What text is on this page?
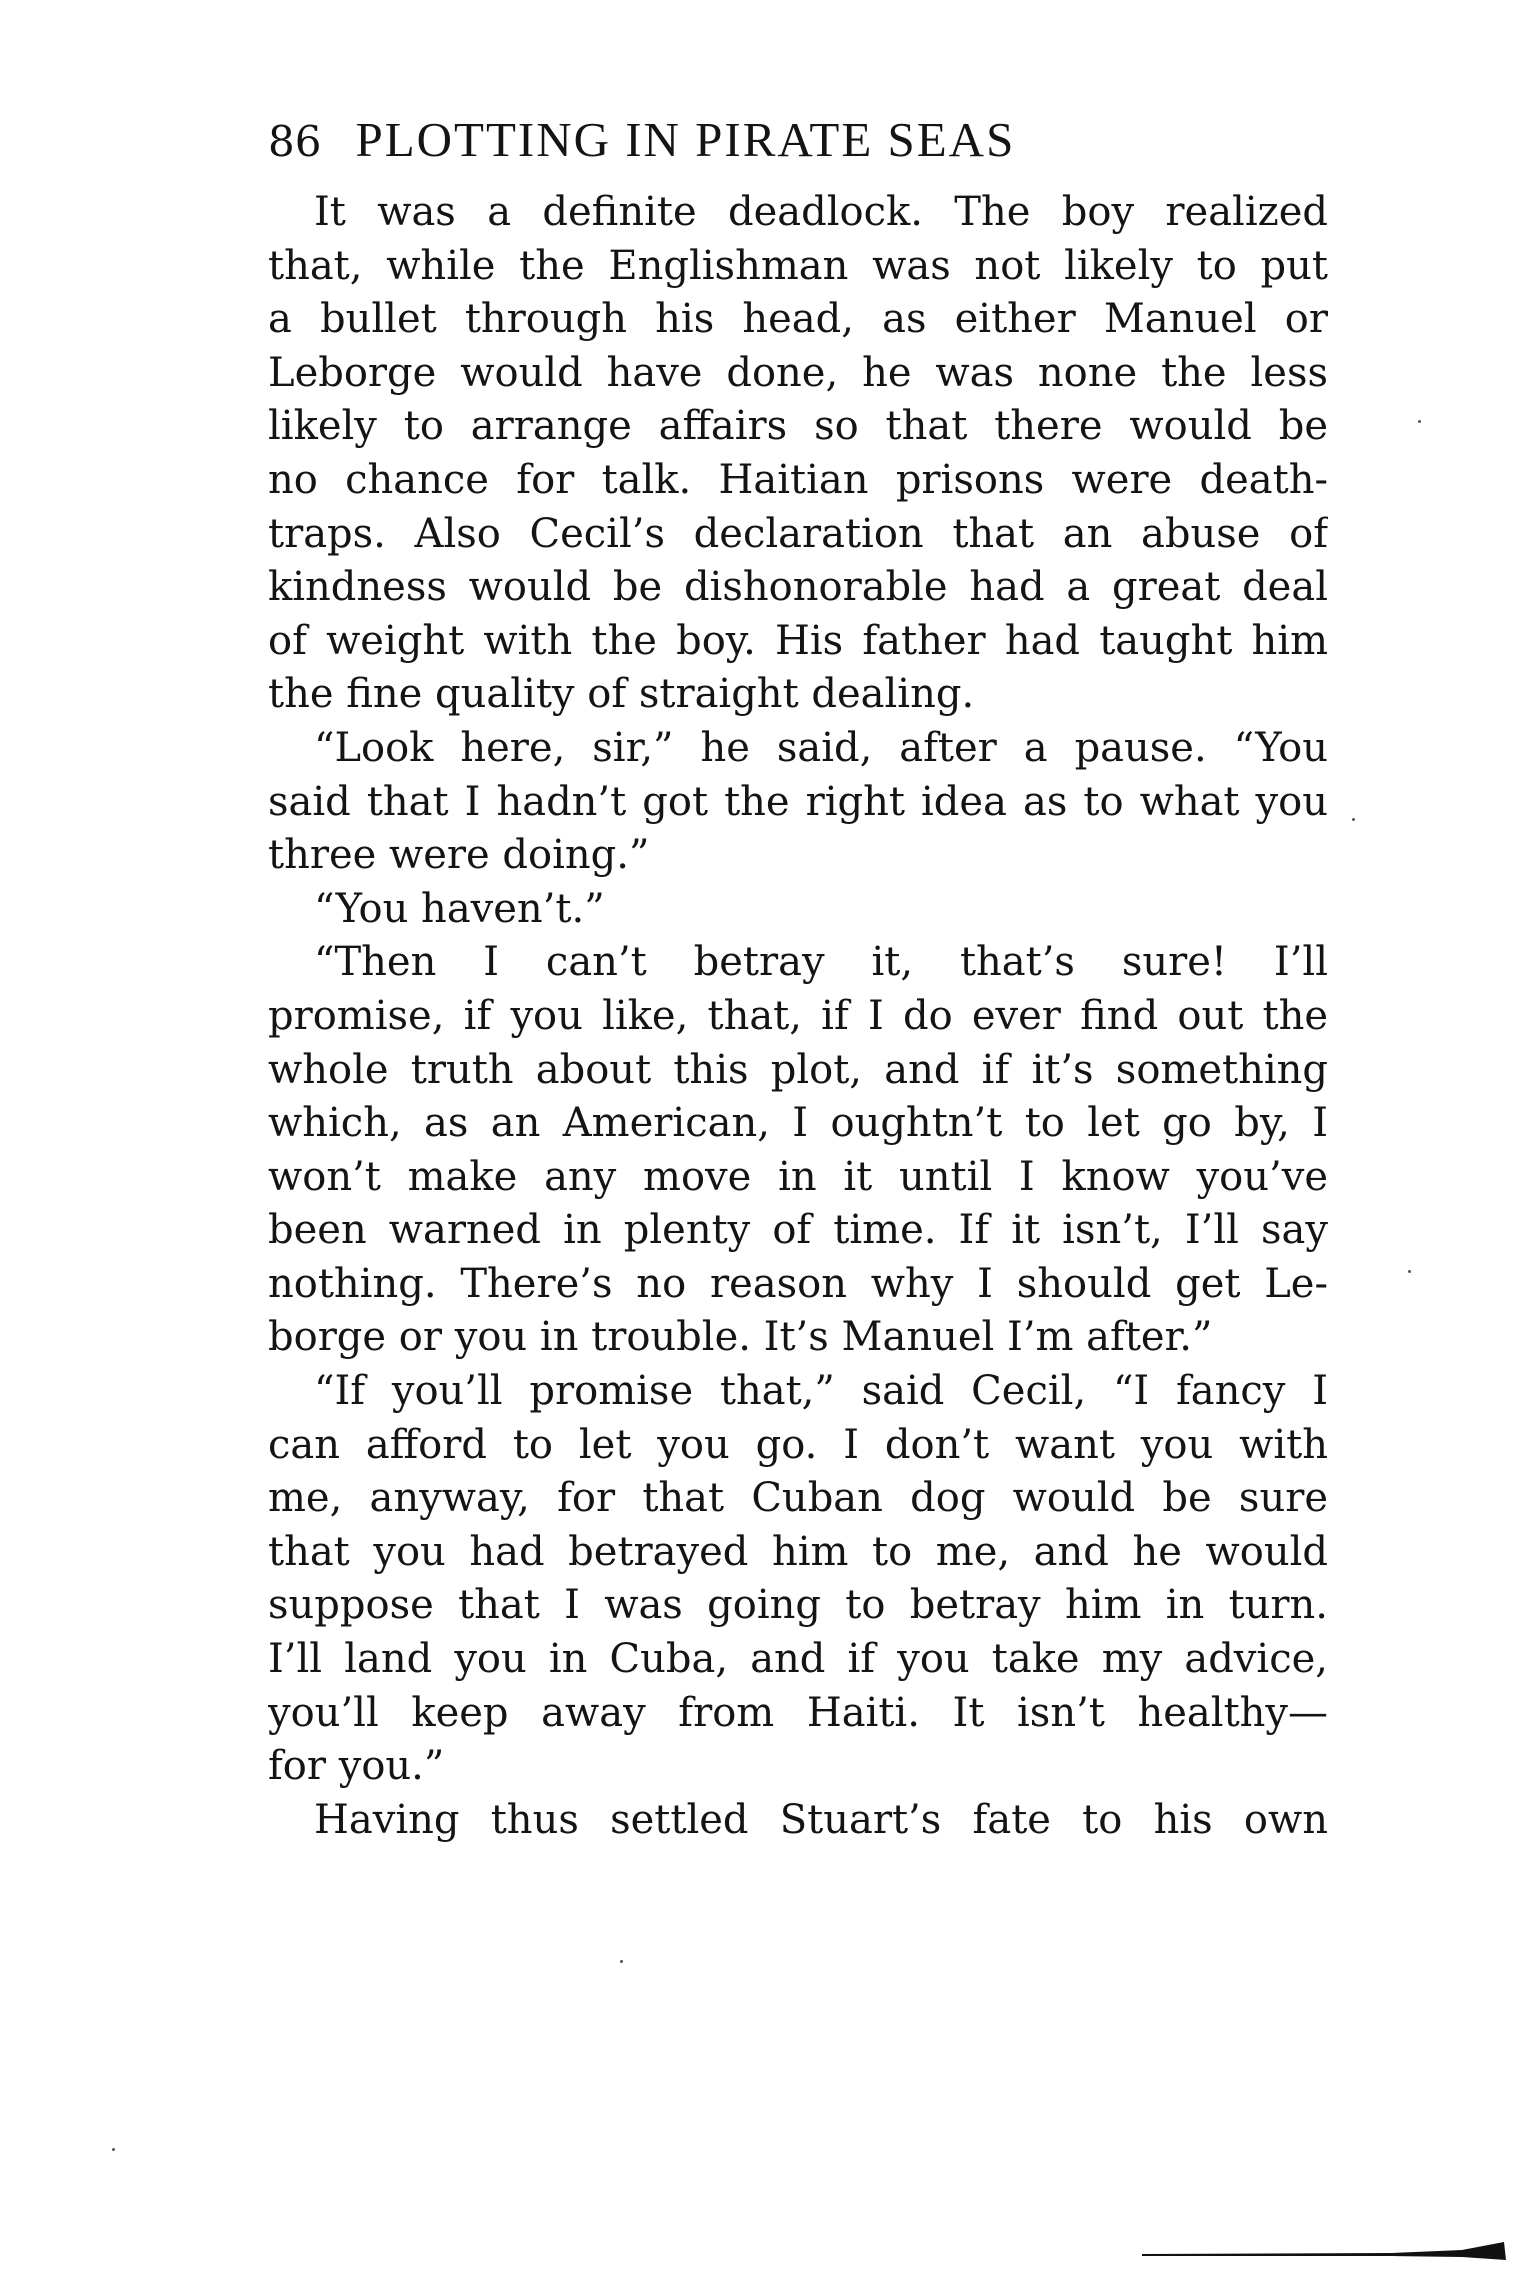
86 PLOTTING IN PIRATE SEAS
It was a definite deadlock. The boy realized
that, while the Englishman was not likely to put
a bullet through his head, as either Manuel or
Leborge would have done, he was none the less
likely to arrange affairs so that there would be
no chance for talk. Haitian prisons were death-
traps. Also Cecil’s declaration that an abuse of
kindness would be dishonorable had a great deal
of weight with the boy. His father had taught him
the fine quality of straight dealing.
“Look here, sir,” he said, after a pause. “You
said that I hadn’t got the right idea as to what you
three were doing.”
“You haven’t.”
“Then I can’t betray it, that’s sure! I’ll
promise, if you like, that, if I do ever find out the
whole truth about this plot, and if it’s something
which, as an American, I oughtn’t to let go by, I
won’t make any move in it until I know you’ve
been warned in plenty of time. If it isn’t, I’ll say
nothing. There’s no reason why I should get Le-
borge or you in trouble. It’s Manuel I’m after.”
“If you’ll promise that,” said Cecil, “I fancy I
can afford to let you go. I don’t want you with
me, anyway, for that Cuban dog would be sure
that you had betrayed him to me, and he would
suppose that I was going to betray him in turn.
I’ll land you in Cuba, and if you take my advice,
you’ll keep away from Haiti. It isn’t healthy—
for you.”
Having thus settled Stuart’s fate to his own
